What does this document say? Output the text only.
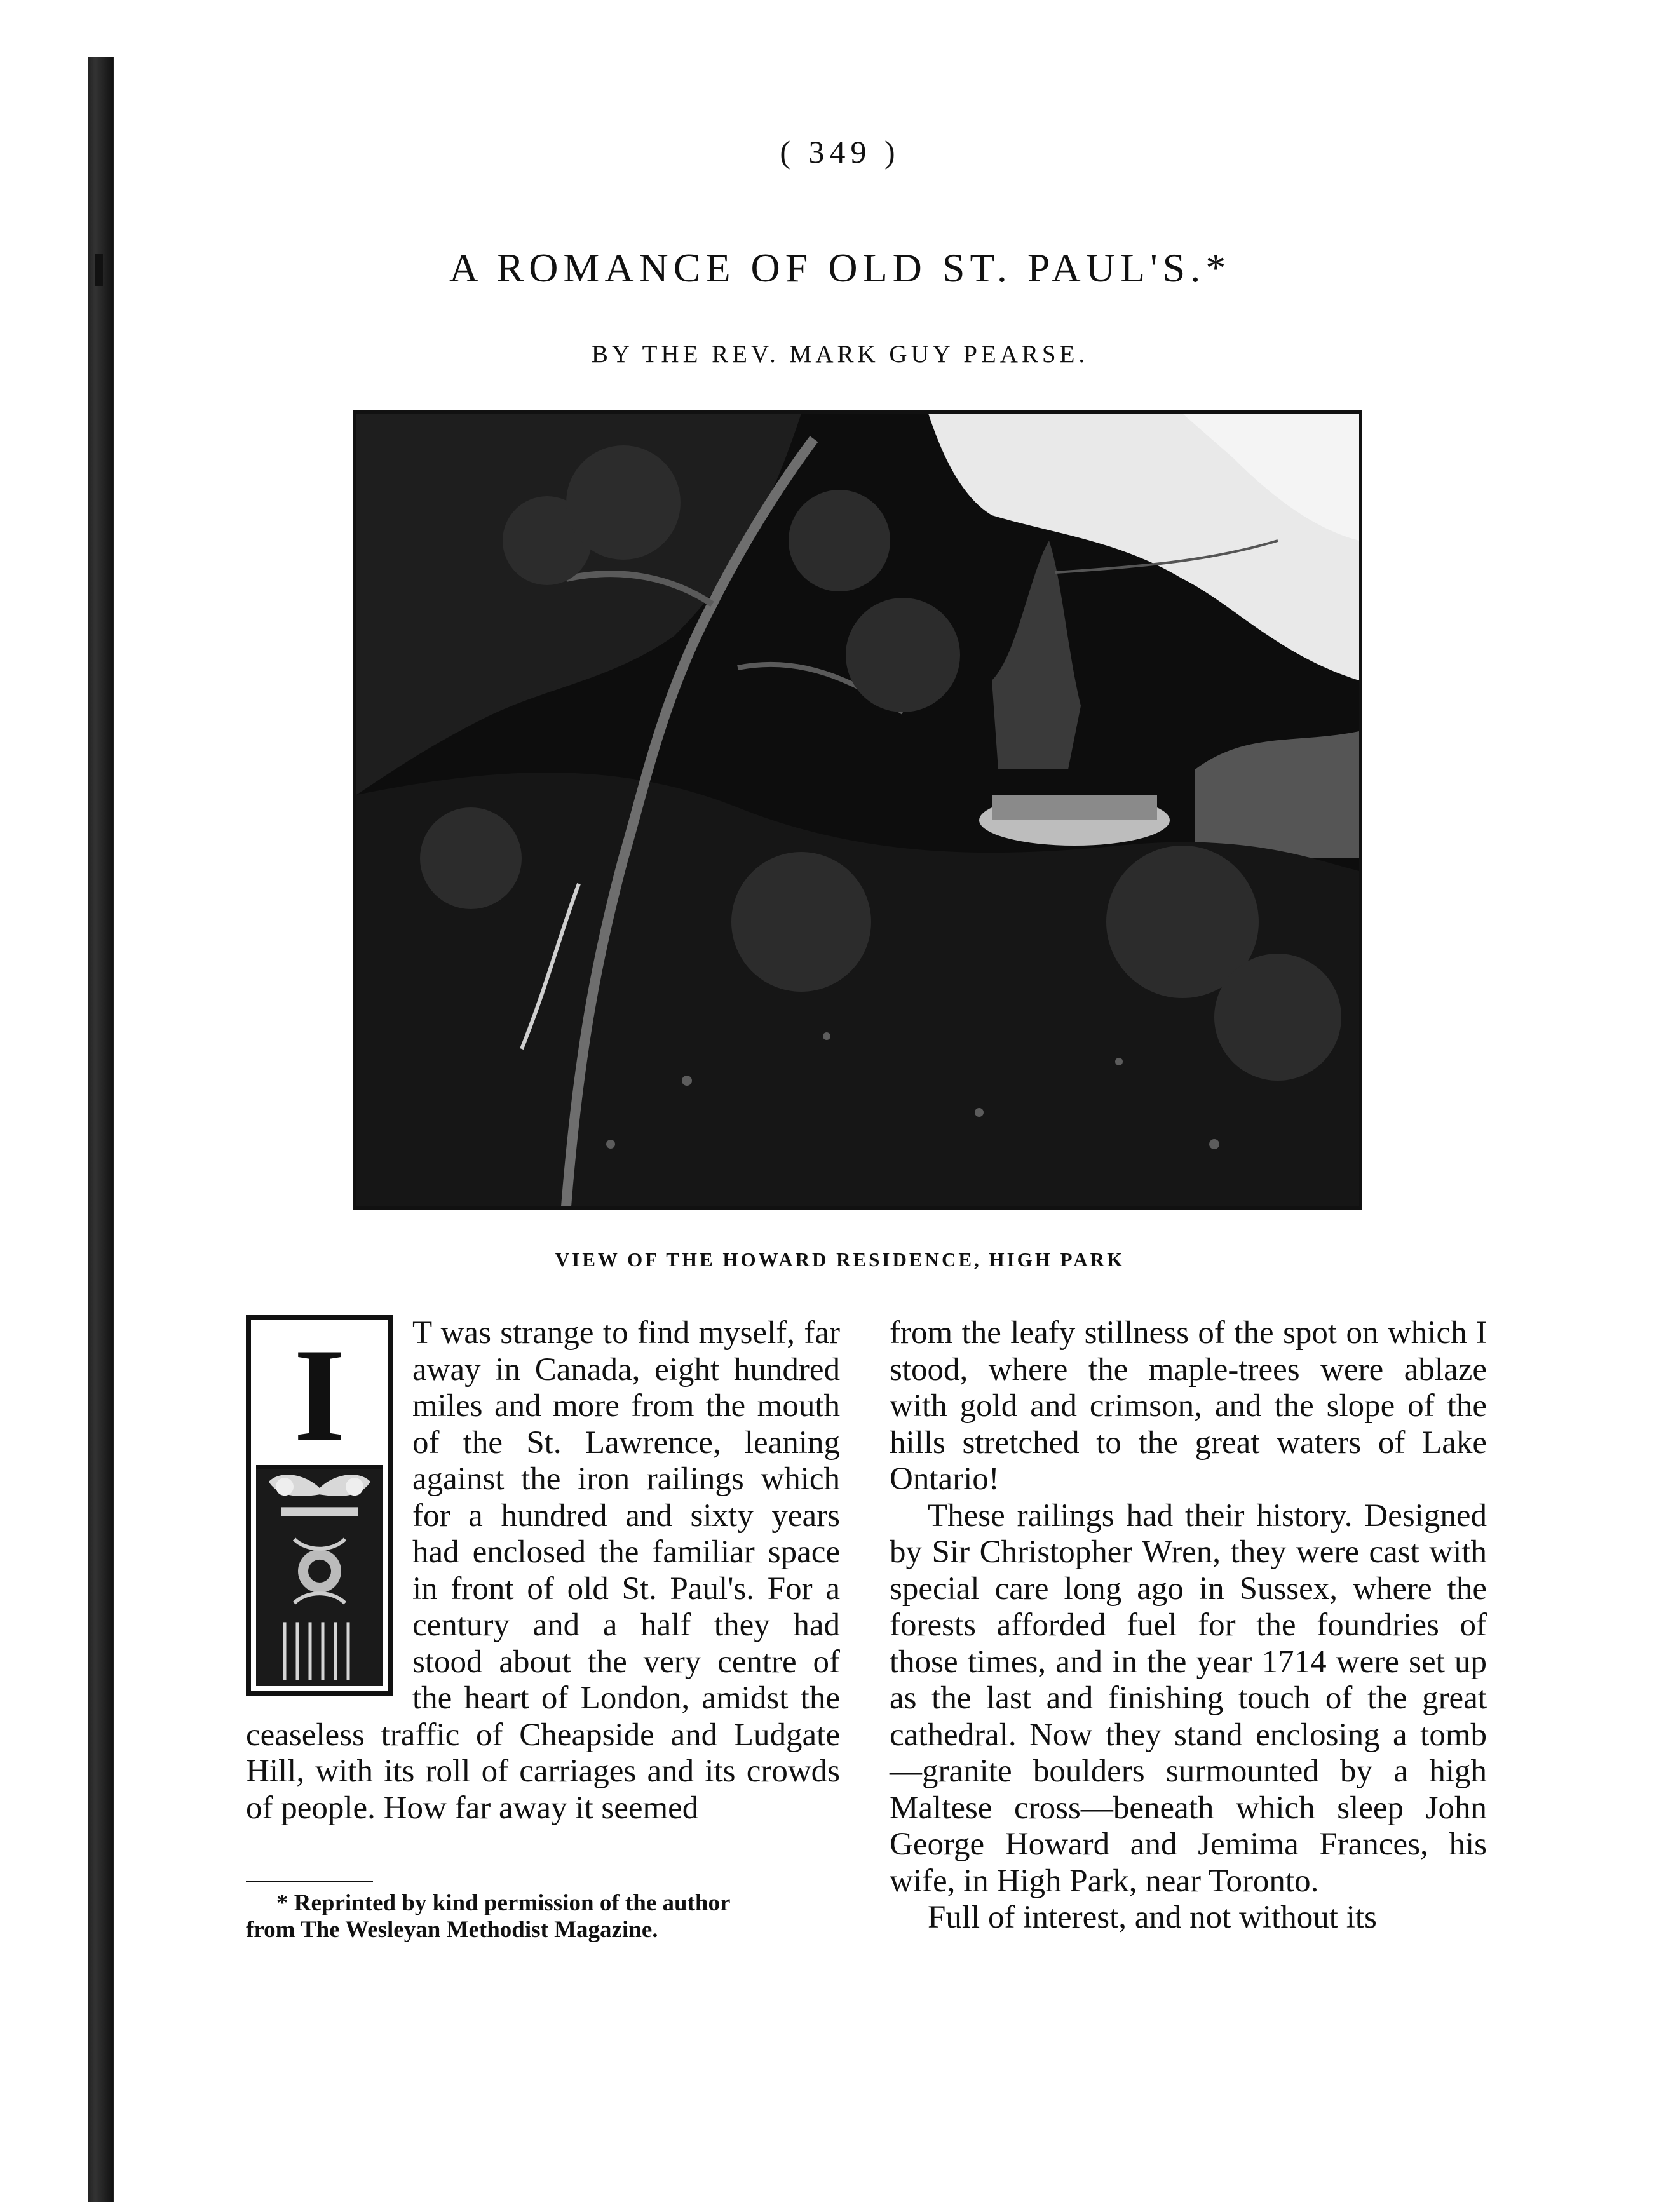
( 349 )
A ROMANCE OF OLD ST. PAUL'S.*
BY THE REV. MARK GUY PEARSE.
VIEW OF THE HOWARD RESIDENCE, HIGH PARK
I	T was strange to find myself, far away in Canada, eight hundred miles and more from the mouth of the St. Lawrence, leaning against the iron railings which for a hundred and sixty years had enclosed the familiar space in front of old St. Paul's. For a century and a half they had stood about the very centre of the heart of London, amidst the ceaseless traffic of Cheapside and Ludgate Hill, with its roll of carriages and its crowds of people. How far away it seemed

from the leafy stillness of the spot on which I stood, where the maple-trees were ablaze with gold and crimson, and the slope of the hills stretched to the great waters of Lake Ontario!

These railings had their history. Designed by Sir Christopher Wren, they were cast with special care long ago in Sussex, where the forests afforded fuel for the foundries of those times, and in the year 1714 were set up as the last and finishing touch of the great cathedral. Now they stand enclosing a tomb—granite boulders surmounted by a high Maltese cross—beneath which sleep John George Howard and Jemima Frances, his wife, in High Park, near Toronto.

Full of interest, and not without its

* Reprinted by kind permission of the author

from The Wesleyan Methodist Magazine.
